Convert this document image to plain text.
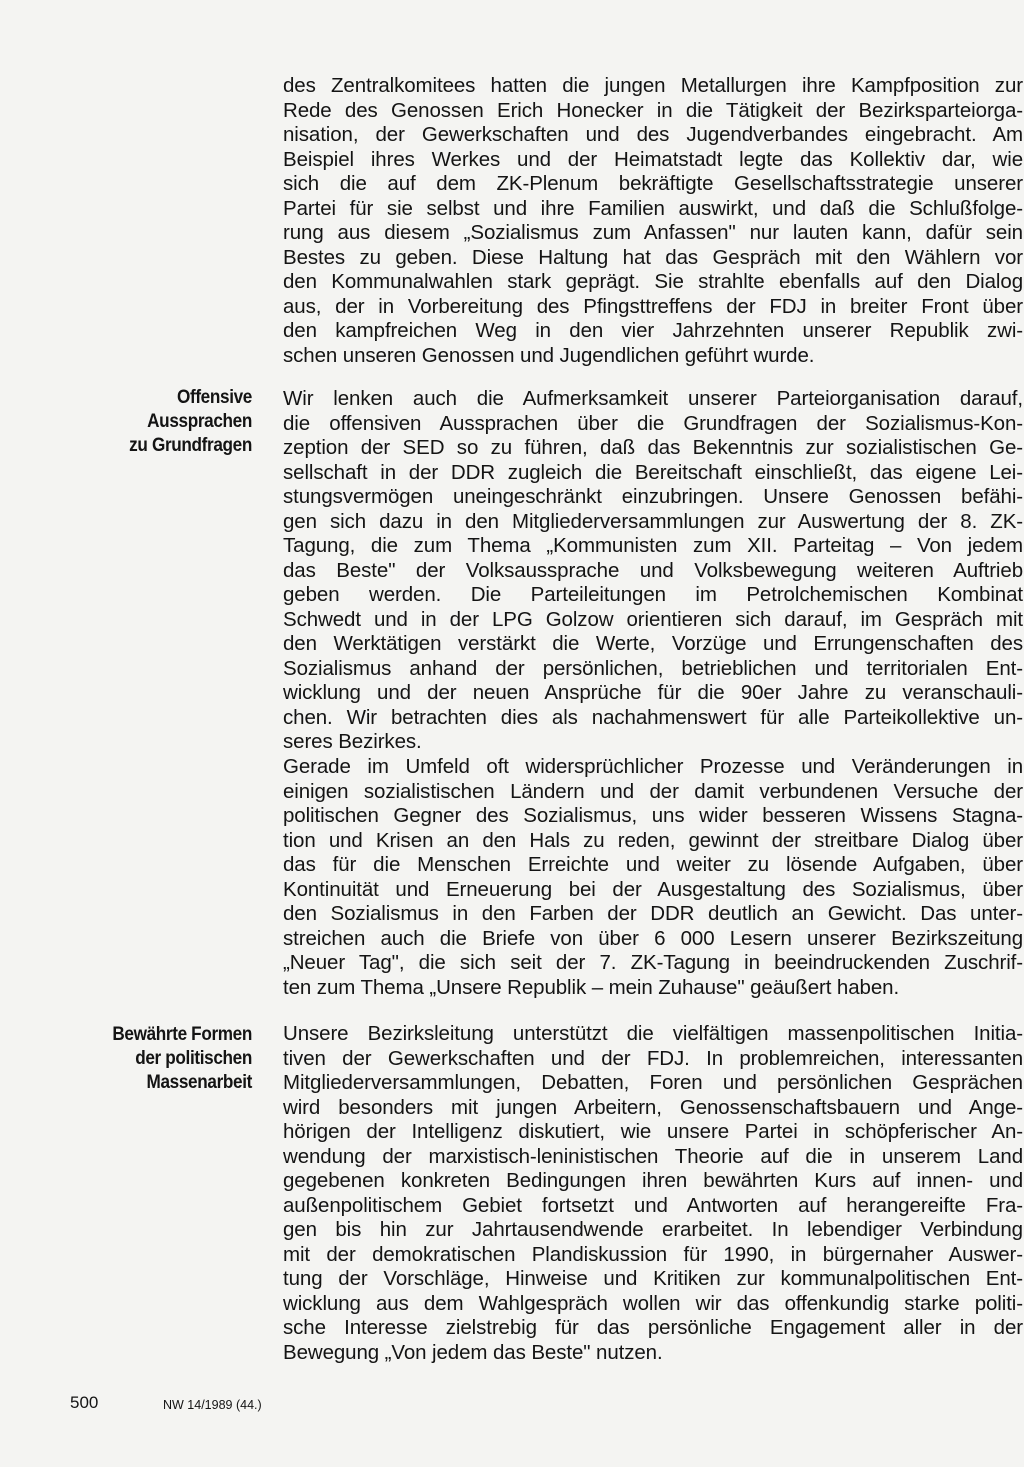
des Zentralkomitees hatten die jungen Metallurgen ihre Kampfposition zur
Rede des Genossen Erich Honecker in die Tätigkeit der Bezirksparteiorga-
nisation, der Gewerkschaften und des Jugendverbandes eingebracht. Am
Beispiel ihres Werkes und der Heimatstadt legte das Kollektiv dar, wie
sich die auf dem ZK-Plenum bekräftigte Gesellschaftsstrategie unserer
Partei für sie selbst und ihre Familien auswirkt, und daß die Schlußfolge-
rung aus diesem „Sozialismus zum Anfassen" nur lauten kann, dafür sein
Bestes zu geben. Diese Haltung hat das Gespräch mit den Wählern vor
den Kommunalwahlen stark geprägt. Sie strahlte ebenfalls auf den Dialog
aus, der in Vorbereitung des Pfingsttreffens der FDJ in breiter Front über
den kampfreichen Weg in den vier Jahrzehnten unserer Republik zwi-
schen unseren Genossen und Jugendlichen geführt wurde.
Offensive
Aussprachen
zu Grundfragen
Wir lenken auch die Aufmerksamkeit unserer Parteiorganisation darauf,
die offensiven Aussprachen über die Grundfragen der Sozialismus-Kon-
zeption der SED so zu führen, daß das Bekenntnis zur sozialistischen Ge-
sellschaft in der DDR zugleich die Bereitschaft einschließt, das eigene Lei-
stungsvermögen uneingeschränkt einzubringen. Unsere Genossen befähi-
gen sich dazu in den Mitgliederversammlungen zur Auswertung der 8. ZK-
Tagung, die zum Thema „Kommunisten zum XII. Parteitag – Von jedem
das Beste" der Volksaussprache und Volksbewegung weiteren Auftrieb
geben werden. Die Parteileitungen im Petrolchemischen Kombinat
Schwedt und in der LPG Golzow orientieren sich darauf, im Gespräch mit
den Werktätigen verstärkt die Werte, Vorzüge und Errungenschaften des
Sozialismus anhand der persönlichen, betrieblichen und territorialen Ent-
wicklung und der neuen Ansprüche für die 90er Jahre zu veranschauli-
chen. Wir betrachten dies als nachahmenswert für alle Parteikollektive un-
seres Bezirkes.
Gerade im Umfeld oft widersprüchlicher Prozesse und Veränderungen in
einigen sozialistischen Ländern und der damit verbundenen Versuche der
politischen Gegner des Sozialismus, uns wider besseren Wissens Stagna-
tion und Krisen an den Hals zu reden, gewinnt der streitbare Dialog über
das für die Menschen Erreichte und weiter zu lösende Aufgaben, über
Kontinuität und Erneuerung bei der Ausgestaltung des Sozialismus, über
den Sozialismus in den Farben der DDR deutlich an Gewicht. Das unter-
streichen auch die Briefe von über 6 000 Lesern unserer Bezirkszeitung
„Neuer Tag", die sich seit der 7. ZK-Tagung in beeindruckenden Zuschrif-
ten zum Thema „Unsere Republik – mein Zuhause" geäußert haben.
Bewährte Formen
der politischen
Massenarbeit
Unsere Bezirksleitung unterstützt die vielfältigen massenpolitischen Initia-
tiven der Gewerkschaften und der FDJ. In problemreichen, interessanten
Mitgliederversammlungen, Debatten, Foren und persönlichen Gesprächen
wird besonders mit jungen Arbeitern, Genossenschaftsbauern und Ange-
hörigen der Intelligenz diskutiert, wie unsere Partei in schöpferischer An-
wendung der marxistisch-leninistischen Theorie auf die in unserem Land
gegebenen konkreten Bedingungen ihren bewährten Kurs auf innen- und
außenpolitischem Gebiet fortsetzt und Antworten auf herangereifte Fra-
gen bis hin zur Jahrtausendwende erarbeitet. In lebendiger Verbindung
mit der demokratischen Plandiskussion für 1990, in bürgernaher Auswer-
tung der Vorschläge, Hinweise und Kritiken zur kommunalpolitischen Ent-
wicklung aus dem Wahlgespräch wollen wir das offenkundig starke politi-
sche Interesse zielstrebig für das persönliche Engagement aller in der
Bewegung „Von jedem das Beste" nutzen.
500	NW 14/1989 (44.)
